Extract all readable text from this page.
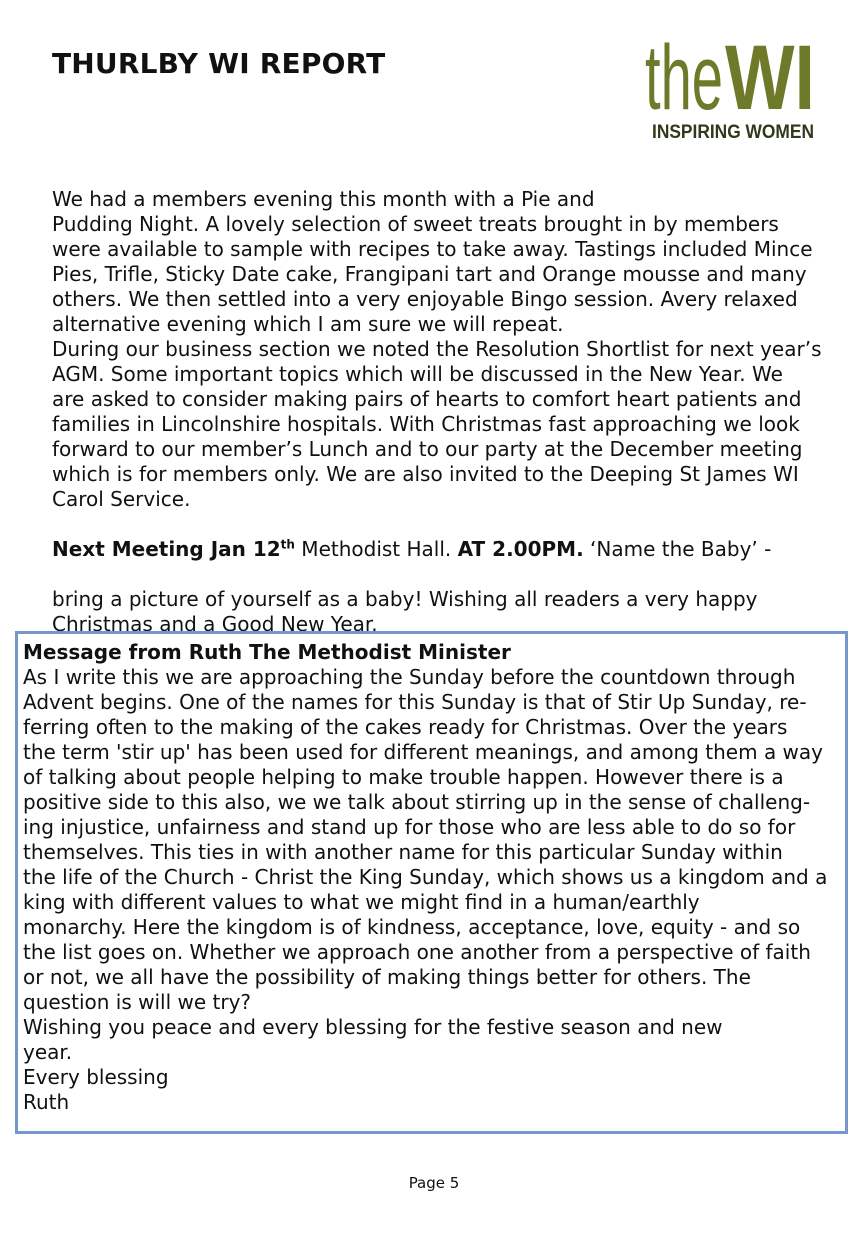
THURLBY WI REPORT	the WI
INSPIRING WOMEN

We had a members evening this month with a Pie and
Pudding Night. A lovely selection of sweet treats brought in by members
were available to sample with recipes to take away. Tastings included Mince
Pies, Trifle, Sticky Date cake, Frangipani tart and Orange mousse and many
others. We then settled into a very enjoyable Bingo session. Avery relaxed
alternative evening which I am sure we will repeat.
During our business section we noted the Resolution Shortlist for next year’s
AGM. Some important topics which will be discussed in the New Year. We
are asked to consider making pairs of hearts to comfort heart patients and
families in Lincolnshire hospitals. With Christmas fast approaching we look
forward to our member’s Lunch and to our party at the December meeting
which is for members only. We are also invited to the Deeping St James WI
Carol Service.

Next Meeting Jan 12th Methodist Hall. AT 2.00PM. ‘Name the Baby’ -

bring a picture of yourself as a baby! Wishing all readers a very happy
Christmas and a Good New Year.

Message from Ruth The Methodist Minister
As I write this we are approaching the Sunday before the countdown through
Advent begins. One of the names for this Sunday is that of Stir Up Sunday, re-
ferring often to the making of the cakes ready for Christmas. Over the years
the term 'stir up' has been used for different meanings, and among them a way
of talking about people helping to make trouble happen. However there is a
positive side to this also, we we talk about stirring up in the sense of challeng-
ing injustice, unfairness and stand up for those who are less able to do so for
themselves. This ties in with another name for this particular Sunday within
the life of the Church - Christ the King Sunday, which shows us a kingdom and a
king with different values to what we might find in a human/earthly
monarchy. Here the kingdom is of kindness, acceptance, love, equity - and so
the list goes on. Whether we approach one another from a perspective of faith
or not, we all have the possibility of making things better for others. The
question is will we try?
Wishing you peace and every blessing for the festive season and new
year.
Every blessing
Ruth
Page 5
